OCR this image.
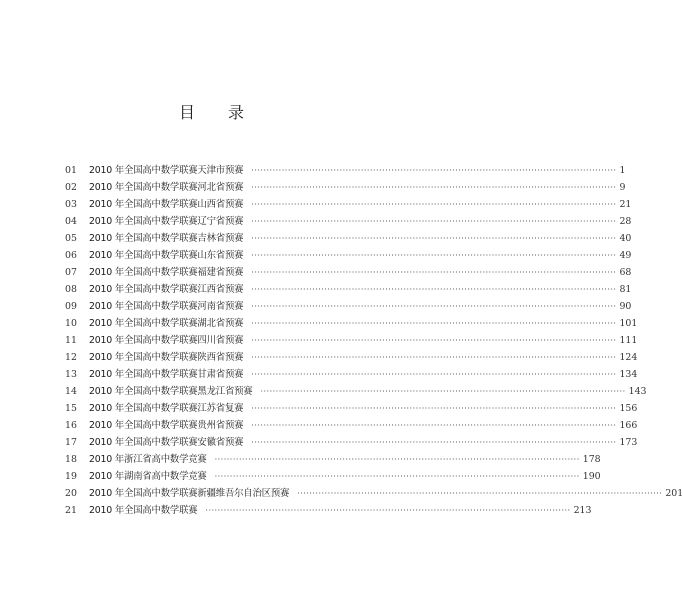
目 录
01	2010 年全国高中数学联赛天津市预赛 ························································································································ 1
02	2010 年全国高中数学联赛河北省预赛 ························································································································ 9
03	2010 年全国高中数学联赛山西省预赛 ························································································································ 21
04	2010 年全国高中数学联赛辽宁省预赛 ························································································································ 28
05	2010 年全国高中数学联赛吉林省预赛 ························································································································ 40
06	2010 年全国高中数学联赛山东省预赛 ························································································································ 49
07	2010 年全国高中数学联赛福建省预赛 ························································································································ 68
08	2010 年全国高中数学联赛江西省预赛 ························································································································ 81
09	2010 年全国高中数学联赛河南省预赛 ························································································································ 90
10	2010 年全国高中数学联赛湖北省预赛 ························································································································ 101
11	2010 年全国高中数学联赛四川省预赛 ························································································································ 111
12	2010 年全国高中数学联赛陕西省预赛 ························································································································ 124
13	2010 年全国高中数学联赛甘肃省预赛 ························································································································ 134
14	2010 年全国高中数学联赛黑龙江省预赛 ························································································································ 143
15	2010 年全国高中数学联赛江苏省复赛 ························································································································ 156
16	2010 年全国高中数学联赛贵州省预赛 ························································································································ 166
17	2010 年全国高中数学联赛安徽省预赛 ························································································································ 173
18	2010 年浙江省高中数学竞赛 ························································································································ 178
19	2010 年湖南省高中数学竞赛 ························································································································ 190
20	2010 年全国高中数学联赛新疆维吾尔自治区预赛 ························································································································ 201
21	2010 年全国高中数学联赛 ························································································································ 213
